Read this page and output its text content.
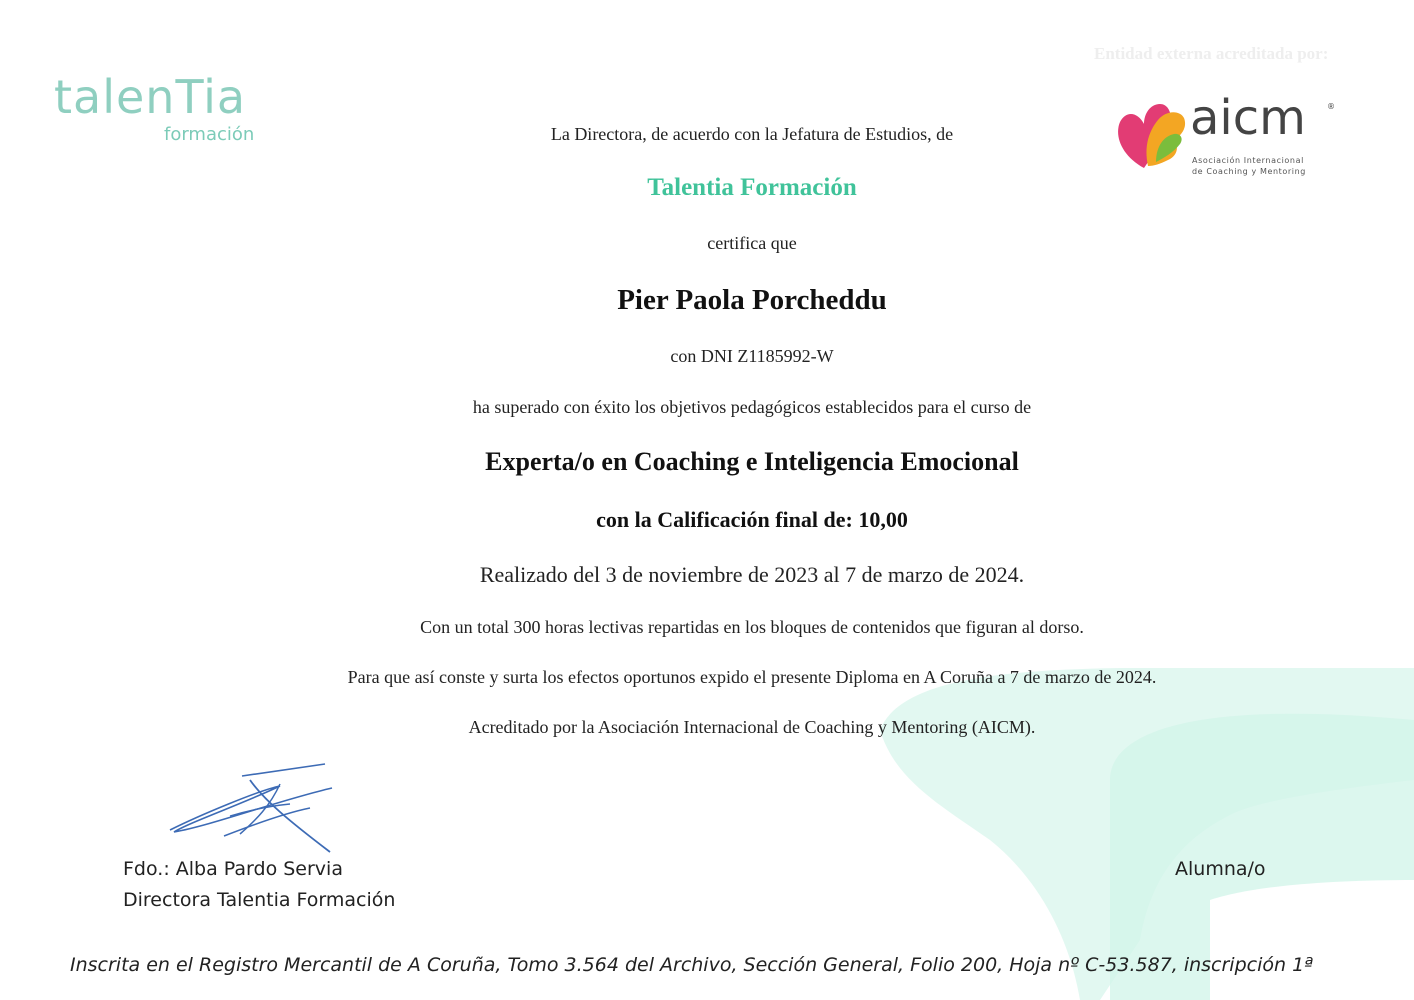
talenTia
formación
Entidad externa acreditada por:
aicm	®
Asociación Internacional
de Coaching y Mentoring
La Directora, de acuerdo con la Jefatura de Estudios, de
Talentia Formación
certifica que
Pier Paola Porcheddu
con DNI Z1185992-W
ha superado con éxito los objetivos pedagógicos establecidos para el curso de
Experta/o en Coaching e Inteligencia Emocional
con la Calificación final de: 10,00
Realizado del 3 de noviembre de 2023 al 7 de marzo de 2024.
Con un total 300 horas lectivas repartidas en los bloques de contenidos que figuran al dorso.
Para que así conste y surta los efectos oportunos expido el presente Diploma en A Coruña a 7 de marzo de 2024.
Acreditado por la Asociación Internacional de Coaching y Mentoring (AICM).
Fdo.: Alba Pardo Servia
Directora Talentia Formación
Alumna/o
Inscrita en el Registro Mercantil de A Coruña, Tomo 3.564 del Archivo, Sección General, Folio 200, Hoja nº C-53.587, inscripción 1ª
